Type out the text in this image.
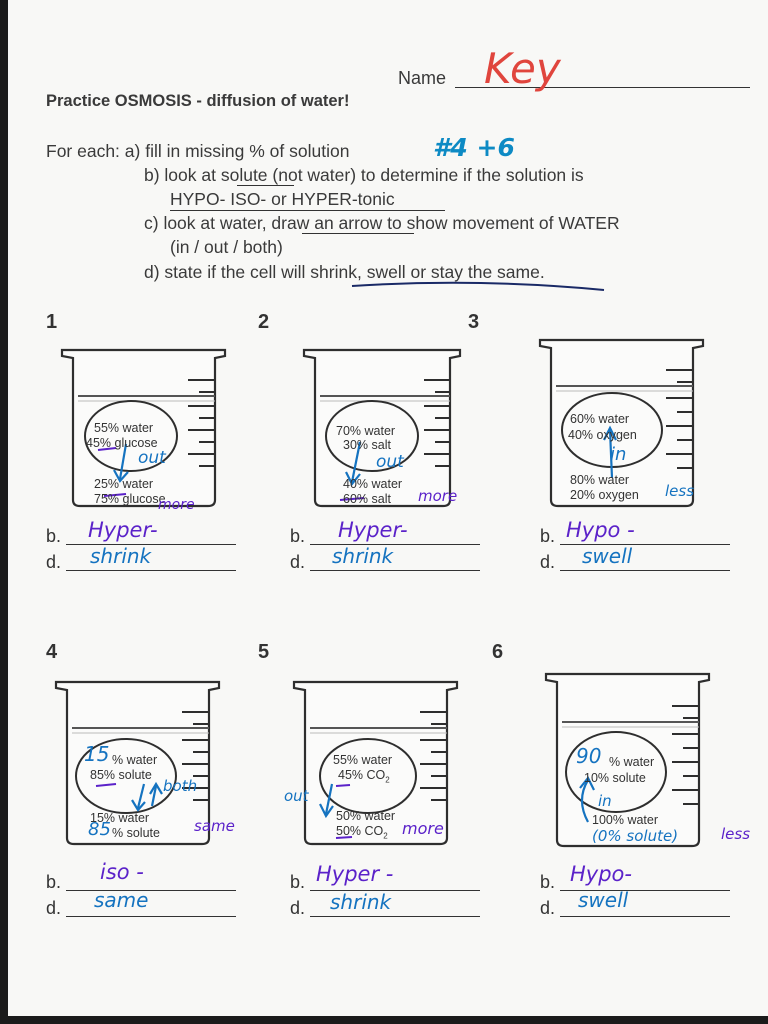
Name Key
Practice OSMOSIS - diffusion of water!
For each: a) fill in missing % of solution	#4 +6
b) look at solute (not water) to determine if the solution is
HYPO- ISO- or HYPER-tonic
c) look at water, draw an arrow to show movement of WATER
(in / out / both)
d) state if the cell will shrink, swell or stay the same.
1
55% water
45% glucose
25% water
75% glucose
out
more
b. Hyper-
d. shrink
2
70% water
30% salt
40% water
60% salt
out
more
b. Hyper-
d. shrink
3
60% water
40% oxygen
80% water
20% oxygen
in
less
b. Hypo -
d. swell
4
15 % water
85% solute
15% water
85 % solute
both
same
b. iso -
d. same
5
55% water
45% $CO_2$
50% water
50% $CO_2$
out
more
b. Hyper -
d. shrink
6
90 % water
10% solute
100% water
(0% solute)
in
less
b. Hypo-
d. swell
